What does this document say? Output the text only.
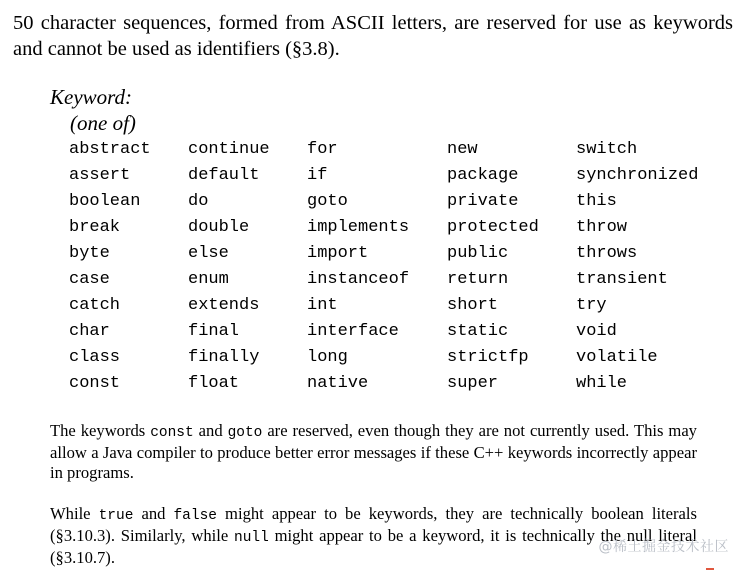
50 character sequences, formed from ASCII letters, are reserved for use as keywords and cannot be used as identifiers (§3.8).
Keyword:
(one of)
abstract	continue	for	new	switch
assert	default	if	package	synchronized
boolean	do	goto	private	this
break	double	implements	protected	throw
byte	else	import	public	throws
case	enum	instanceof	return	transient
catch	extends	int	short	try
char	final	interface	static	void
class	finally	long	strictfp	volatile
const	float	native	super	while
The keywords const and goto are reserved, even though they are not currently used. This may allow a Java compiler to produce better error messages if these C++ keywords incorrectly appear in programs.
While true and false might appear to be keywords, they are technically boolean literals (§3.10.3). Similarly, while null might appear to be a keyword, it is technically the null literal (§3.10.7).
@稀土掘金技术社区
